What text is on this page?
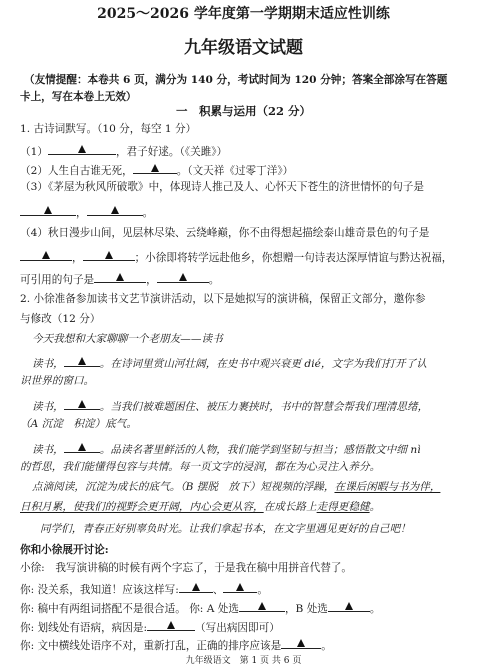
2025～2026 学年度第一学期期末适应性训练
九年级语文试题
（友情提醒：本卷共 6 页，满分为 140 分，考试时间为 120 分钟；答案全部涂写在答题
卡上，写在本卷上无效）
一　积累与运用（22 分）
1. 古诗词默写。（10 分，每空 1 分）
（1）	，君子好逑。（《关雎》）
（2）人生自古谁无死，	。（文天祥《过零丁洋》）
（3）《茅屋为秋风所破歌》中，体现诗人推己及人、心怀天下苍生的济世情怀的句子是
，	。
（4）秋日漫步山间，见层林尽染、云绕峰巅，你不由得想起描绘泰山雄奇景色的句子是
，	；小徐即将转学远赴他乡，你想赠一句诗表达深厚情谊与黔达祝福，
可引用的句子是	，	。
2. 小徐准备参加读书文艺节演讲活动，以下是她拟写的演讲稿，保留正文部分，邀你参
与修改（12 分）
今天我想和大家聊聊一个老朋友——读书
读书，	。在诗词里赏山河壮阔，在史书中观兴衰更 dié，文字为我们打开了认
识世界的窗口。
读书，	。当我们被难题困住、被压力裹挟时，书中的智慧会帮我们理清思绪，
（A 沉淀　积淀）底气。
读书，	。品读名著里鲜活的人物，我们能学到坚韧与担当；感悟散文中细 nì
的哲思，我们能懂得包容与共情。每一页文字的浸润，都在为心灵注入养分。
点滴阅读，沉淀为成长的底气。（B 摆脱　放下）短视频的浮躁，在课后闲暇与书为伴，
日积月累，使我们的视野会更开阔，内心会更从容，在成长路上走得更稳健。
同学们，青春正好别辜负时光。让我们拿起书本，在文字里遇见更好的自己吧！
你和小徐展开讨论:
小徐:　我写演讲稿的时候有两个字忘了，于是我在稿中用拼音代替了。
你: 没关系，我知道！应该这样写:	、	。
你: 稿中有两组词搭配不是很合适。 你: A 处选	，B 处选	。
你: 划线处有语病，病因是:	（写出病因即可）
你: 文中横线处语序不对，重新打乱，正确的排序应该是	。
九年级语文　第 1 页 共 6 页
